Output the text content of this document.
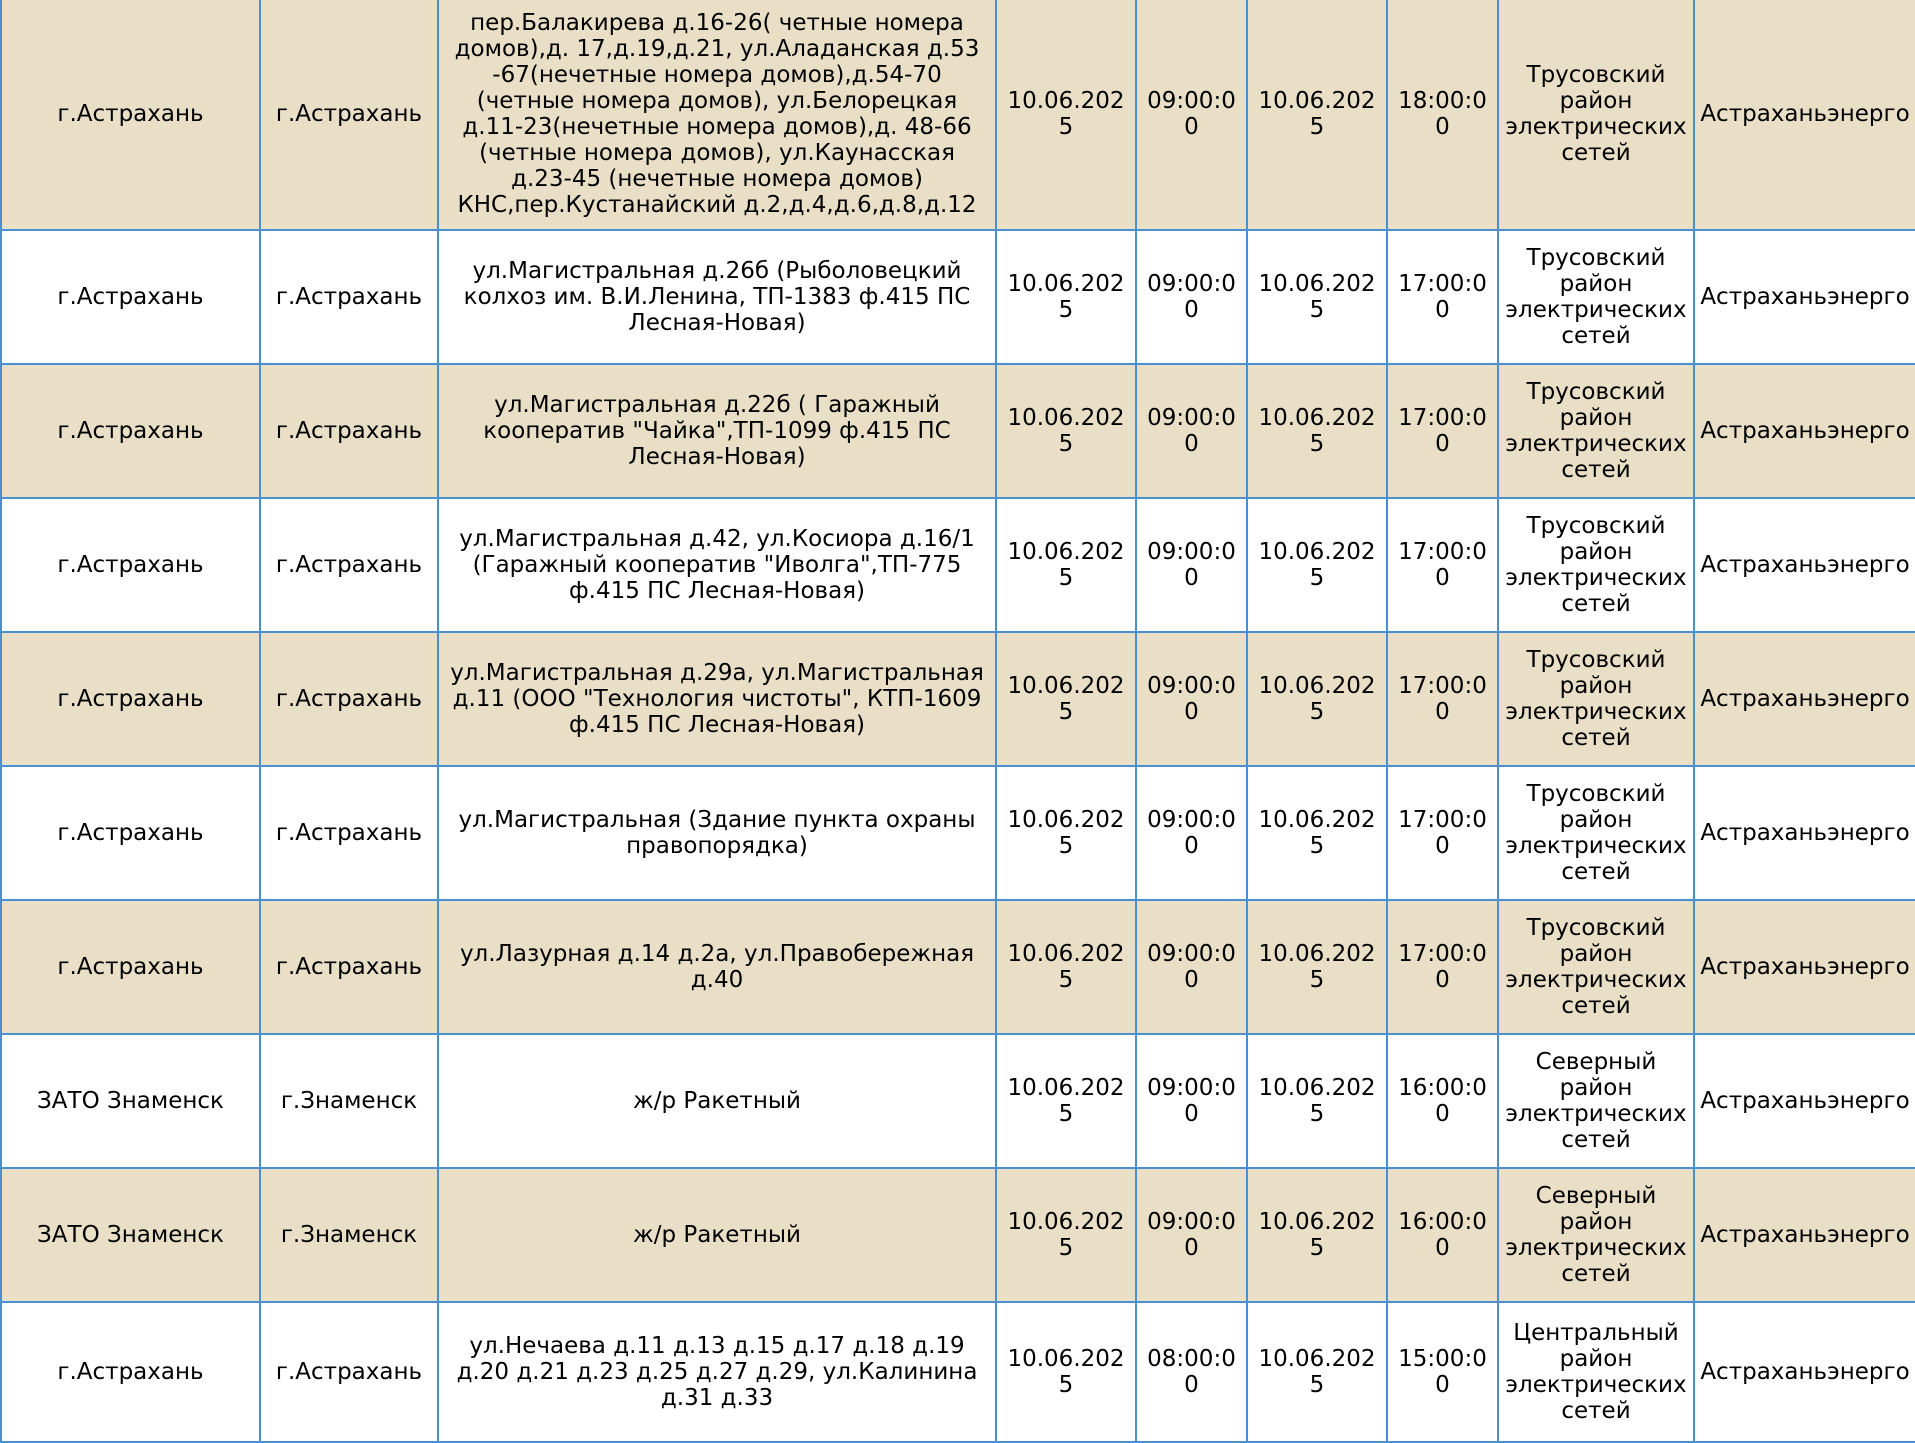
г.Астрахань	г.Астрахань	пер.Балакирева д.16-26( четные номера домов),д. 17,д.19,д.21, ул.Аладанская д.53 -67(нечетные номера домов),д.54-70 (четные номера домов), ул.Белорецкая д.11-23(нечетные номера домов),д. 48-66 (четные номера домов), ул.Каунасская д.23-45 (нечетные номера домов) КНС,пер.Кустанайский д.2,д.4,д.6,д.8,д.12	10.06.2025	09:00:00	10.06.2025	18:00:00	Трусовский район электрических сетей	Астраханьэнерго
г.Астрахань	г.Астрахань	ул.Магистральная д.26б (Рыболовецкий колхоз им. В.И.Ленина, ТП-1383 ф.415 ПС Лесная-Новая)	10.06.2025	09:00:00	10.06.2025	17:00:00	Трусовский район электрических сетей	Астраханьэнерго
г.Астрахань	г.Астрахань	ул.Магистральная д.22б ( Гаражный кооператив "Чайка",ТП-1099 ф.415 ПС Лесная-Новая)	10.06.2025	09:00:00	10.06.2025	17:00:00	Трусовский район электрических сетей	Астраханьэнерго
г.Астрахань	г.Астрахань	ул.Магистральная д.42, ул.Косиора д.16/1 (Гаражный кооператив "Иволга",ТП-775 ф.415 ПС Лесная-Новая)	10.06.2025	09:00:00	10.06.2025	17:00:00	Трусовский район электрических сетей	Астраханьэнерго
г.Астрахань	г.Астрахань	ул.Магистральная д.29а, ул.Магистральная д.11 (ООО "Технология чистоты", КТП-1609 ф.415 ПС Лесная-Новая)	10.06.2025	09:00:00	10.06.2025	17:00:00	Трусовский район электрических сетей	Астраханьэнерго
г.Астрахань	г.Астрахань	ул.Магистральная (Здание пункта охраны правопорядка)	10.06.2025	09:00:00	10.06.2025	17:00:00	Трусовский район электрических сетей	Астраханьэнерго
г.Астрахань	г.Астрахань	ул.Лазурная д.14 д.2а, ул.Правобережная д.40	10.06.2025	09:00:00	10.06.2025	17:00:00	Трусовский район электрических сетей	Астраханьэнерго
ЗАТО Знаменск	г.Знаменск	ж/р Ракетный	10.06.2025	09:00:00	10.06.2025	16:00:00	Северный район электрических сетей	Астраханьэнерго
ЗАТО Знаменск	г.Знаменск	ж/р Ракетный	10.06.2025	09:00:00	10.06.2025	16:00:00	Северный район электрических сетей	Астраханьэнерго
г.Астрахань	г.Астрахань	ул.Нечаева д.11 д.13 д.15 д.17 д.18 д.19 д.20 д.21 д.23 д.25 д.27 д.29, ул.Калинина д.31 д.33	10.06.2025	08:00:00	10.06.2025	15:00:00	Центральный район электрических сетей	Астраханьэнерго
